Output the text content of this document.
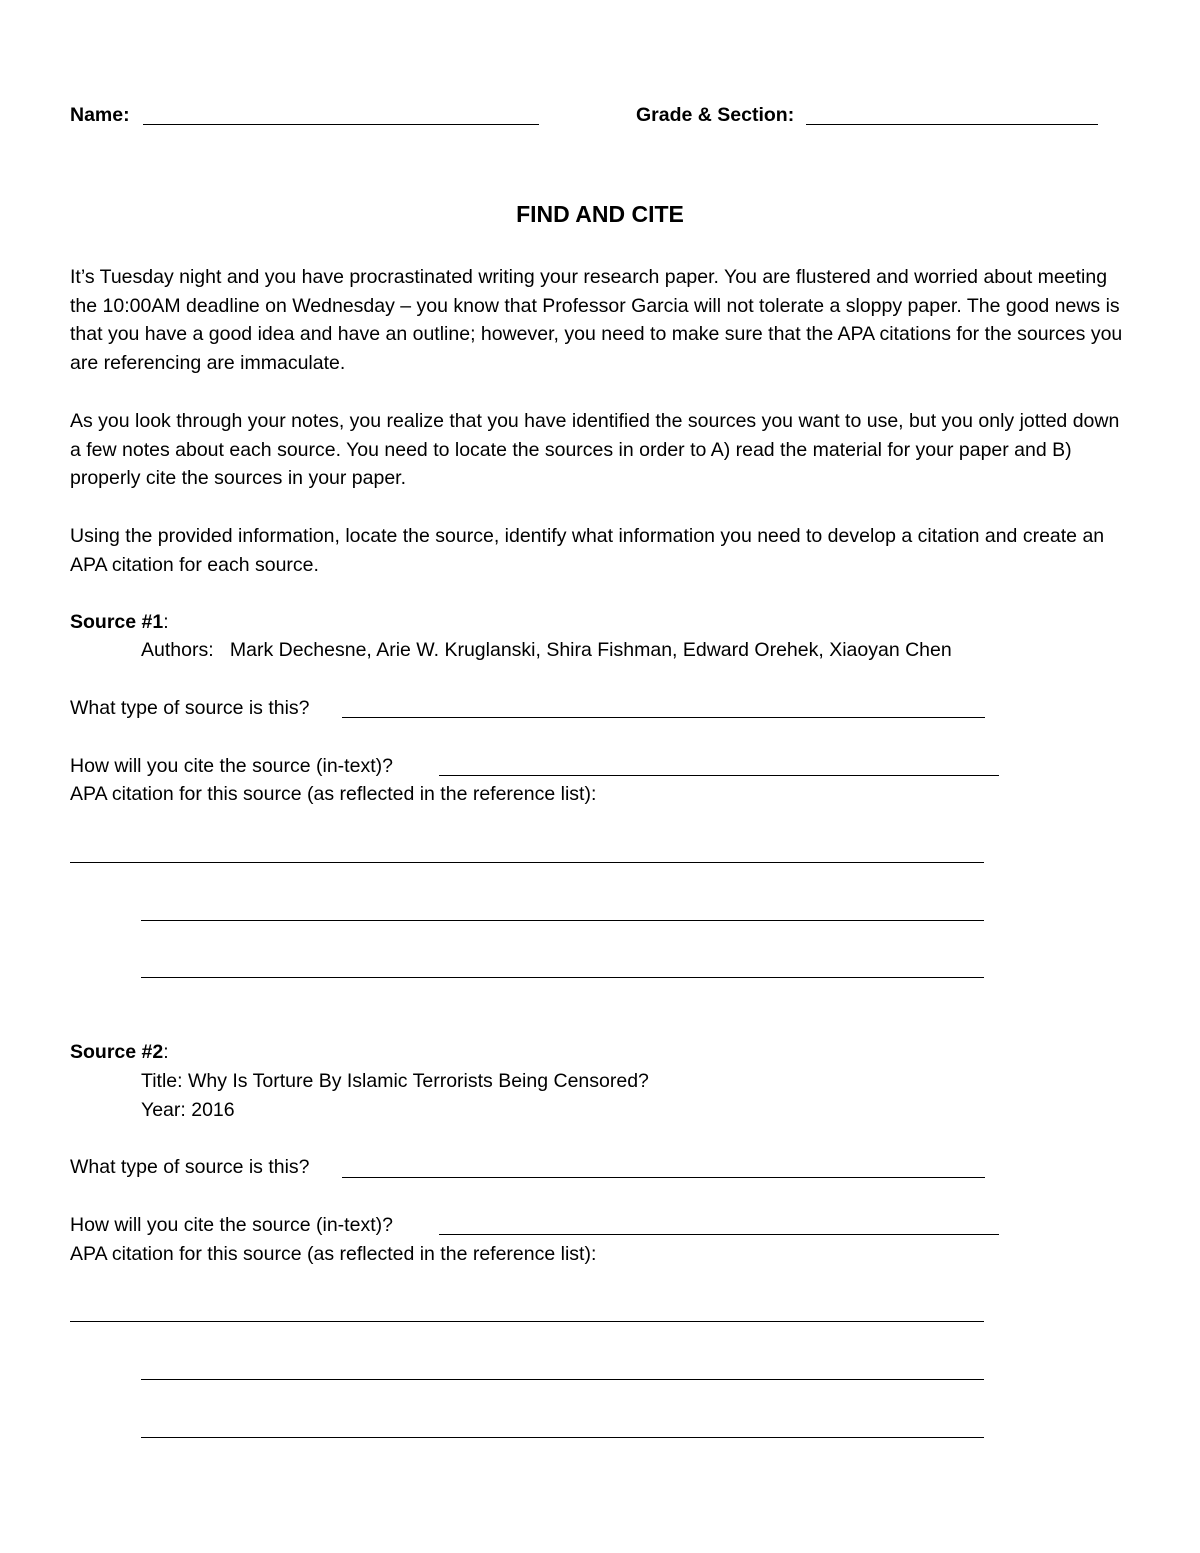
Name:	Grade & Section:
FIND AND CITE
It’s Tuesday night and you have procrastinated writing your research paper. You are flustered and worried about meeting the 10:00AM deadline on Wednesday – you know that Professor Garcia will not tolerate a sloppy paper. The good news is that you have a good idea and have an outline; however, you need to make sure that the APA citations for the sources you are referencing are immaculate.
As you look through your notes, you realize that you have identified the sources you want to use, but you only jotted down a few notes about each source. You need to locate the sources in order to A) read the material for your paper and B) properly cite the sources in your paper.
Using the provided information, locate the source, identify what information you need to develop a citation and create an APA citation for each source.
Source #1:
Authors:   Mark Dechesne, Arie W. Kruglanski, Shira Fishman, Edward Orehek, Xiaoyan Chen
What type of source is this?
How will you cite the source (in-text)?
APA citation for this source (as reflected in the reference list):
Source #2:
Title: Why Is Torture By Islamic Terrorists Being Censored?
Year: 2016
What type of source is this?
How will you cite the source (in-text)?
APA citation for this source (as reflected in the reference list):
